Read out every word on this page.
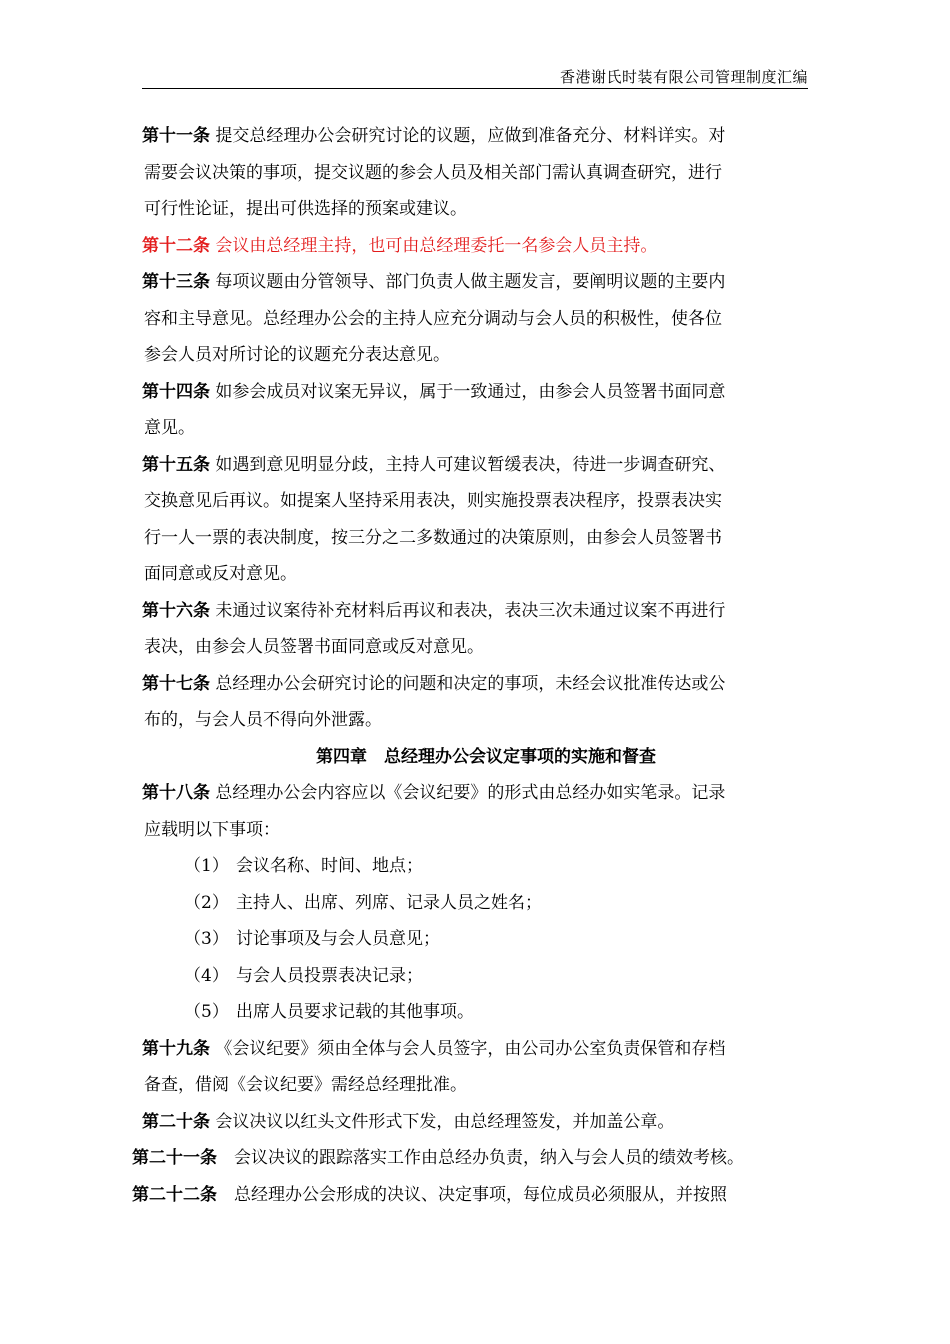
香港谢氏时装有限公司管理制度汇编

第十一条 提交总经理办公会研究讨论的议题，应做到准备充分、材料详实。对

需要会议决策的事项，提交议题的参会人员及相关部门需认真调查研究，进行

可行性论证，提出可供选择的预案或建议。

第十二条 会议由总经理主持，也可由总经理委托一名参会人员主持。

第十三条 每项议题由分管领导、部门负责人做主题发言，要阐明议题的主要内

容和主导意见。总经理办公会的主持人应充分调动与会人员的积极性，使各位

参会人员对所讨论的议题充分表达意见。

第十四条 如参会成员对议案无异议，属于一致通过，由参会人员签署书面同意

意见。

第十五条 如遇到意见明显分歧，主持人可建议暂缓表决，待进一步调查研究、

交换意见后再议。如提案人坚持采用表决，则实施投票表决程序，投票表决实

行一人一票的表决制度，按三分之二多数通过的决策原则，由参会人员签署书

面同意或反对意见。

第十六条 未通过议案待补充材料后再议和表决，表决三次未通过议案不再进行

表决，由参会人员签署书面同意或反对意见。

第十七条 总经理办公会研究讨论的问题和决定的事项，未经会议批准传达或公

布的，与会人员不得向外泄露。

第四章　总经理办公会议定事项的实施和督查

第十八条 总经理办公会内容应以《会议纪要》的形式由总经办如实笔录。记录

应载明以下事项：

（1） 会议名称、时间、地点；

（2） 主持人、出席、列席、记录人员之姓名；

（3） 讨论事项及与会人员意见；

（4） 与会人员投票表决记录；

（5） 出席人员要求记载的其他事项。

第十九条 《会议纪要》须由全体与会人员签字，由公司办公室负责保管和存档

备查，借阅《会议纪要》需经总经理批准。

第二十条 会议决议以红头文件形式下发，由总经理签发，并加盖公章。

第二十一条　 会议决议的跟踪落实工作由总经办负责，纳入与会人员的绩效考核。

第二十二条　 总经理办公会形成的决议、决定事项，每位成员必须服从，并按照
